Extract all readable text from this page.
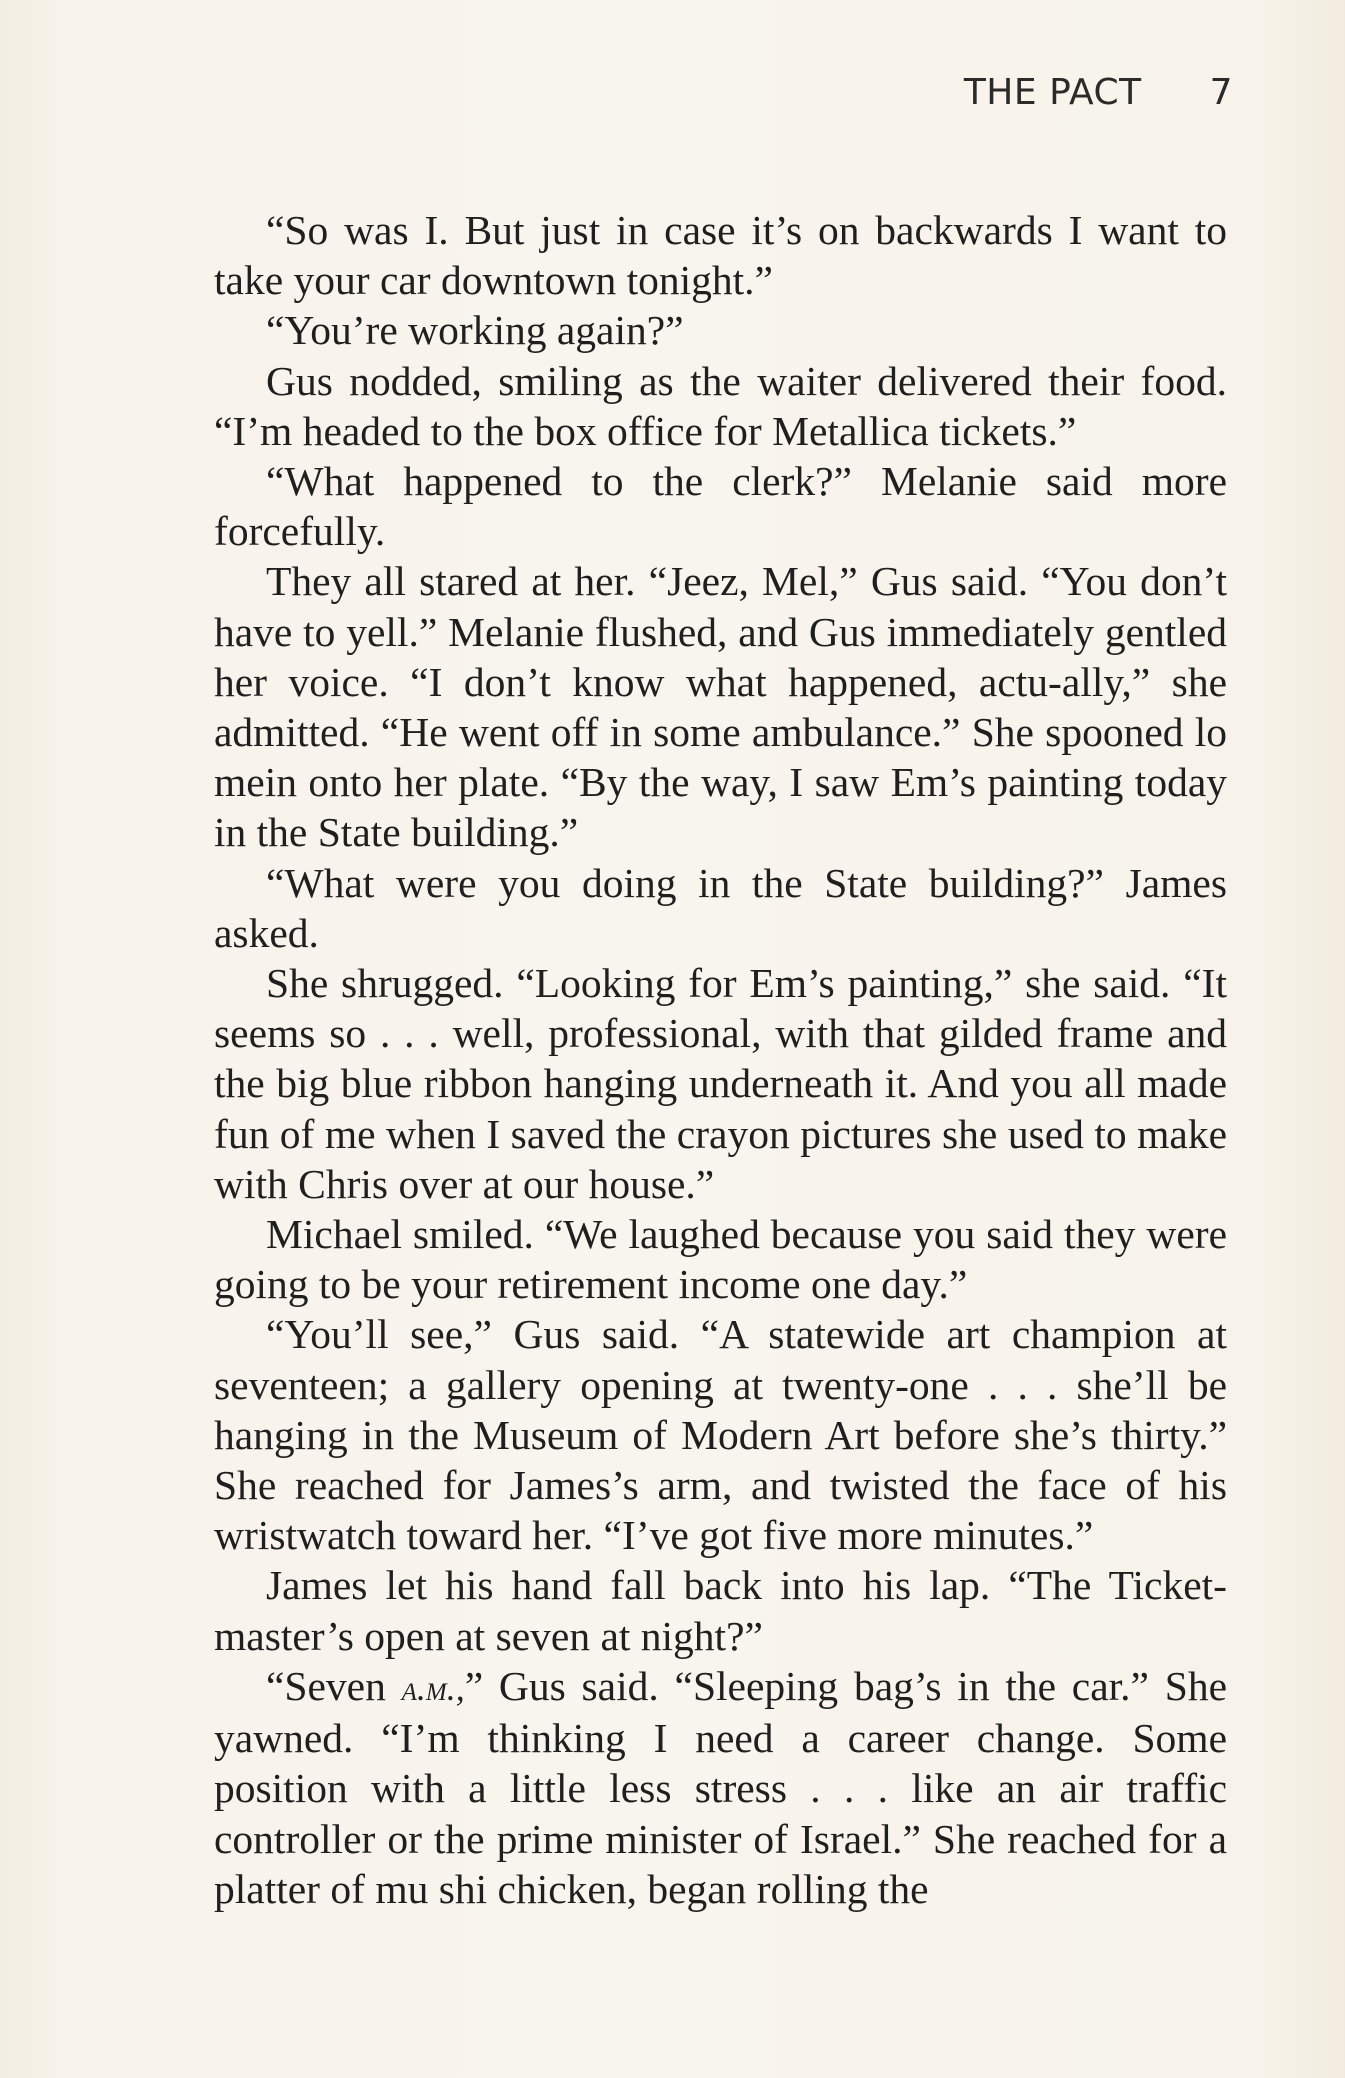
THE PACT 7

“So was I. But just in case it’s on backwards I want to take your car downtown tonight.”

“You’re working again?”

Gus nodded, smiling as the waiter delivered their food. “I’m headed to the box office for Metallica tickets.”

“What happened to the clerk?” Melanie said more forcefully.

They all stared at her. “Jeez, Mel,” Gus said. “You don’t have to yell.” Melanie flushed, and Gus immediately gentled her voice. “I don’t know what happened, actu-ally,” she admitted. “He went off in some ambulance.” She spooned lo mein onto her plate. “By the way, I saw Em’s painting today in the State building.”

“What were you doing in the State building?” James asked.

She shrugged. “Looking for Em’s painting,” she said. “It seems so . . . well, professional, with that gilded frame and the big blue ribbon hanging underneath it. And you all made fun of me when I saved the crayon pictures she used to make with Chris over at our house.”

Michael smiled. “We laughed because you said they were going to be your retirement income one day.”

“You’ll see,” Gus said. “A statewide art champion at seventeen; a gallery opening at twenty-one . . . she’ll be hanging in the Museum of Modern Art before she’s thirty.” She reached for James’s arm, and twisted the face of his wristwatch toward her. “I’ve got five more minutes.”

James let his hand fall back into his lap. “The Ticket-master’s open at seven at night?”

“Seven a.m.,” Gus said. “Sleeping bag’s in the car.” She yawned. “I’m thinking I need a career change. Some position with a little less stress . . . like an air traffic controller or the prime minister of Israel.” She reached for a platter of mu shi chicken, began rolling the
